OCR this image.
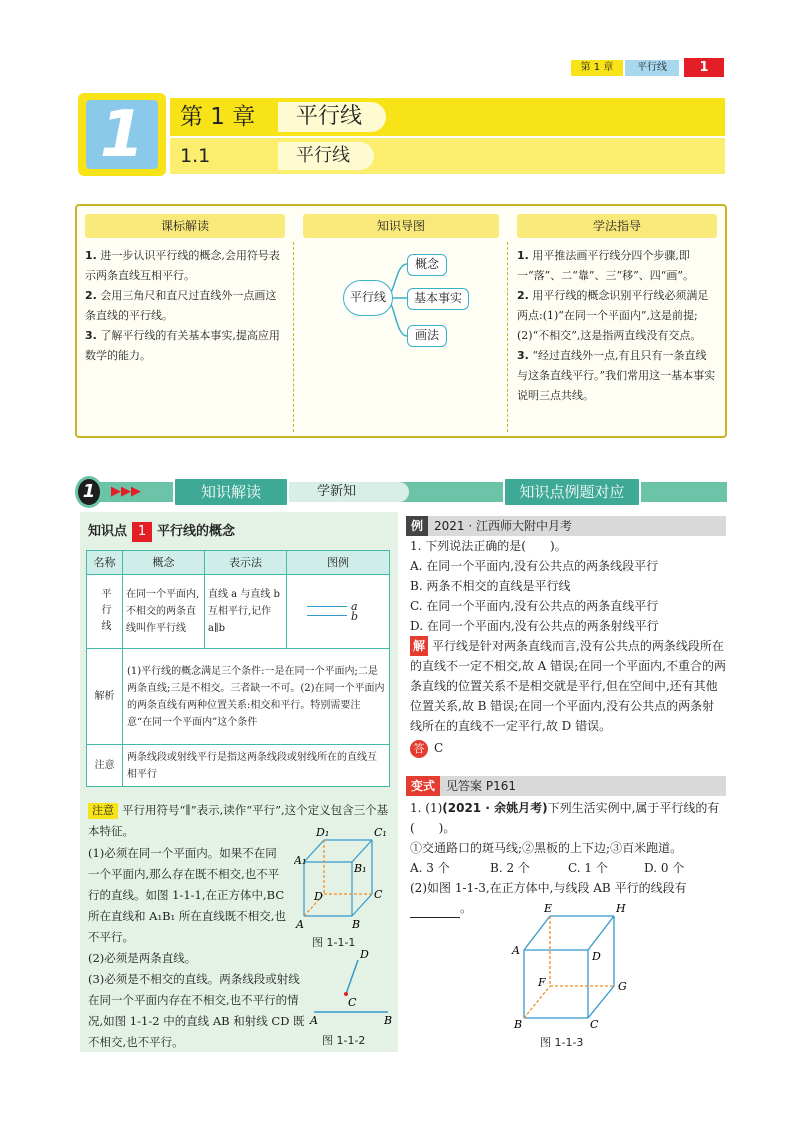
第 1 章	平行线	1
1	第 1 章	平行线
1.1	平行线
课标解读
1. 进一步认识平行线的概念,会用符号表示两条直线互相平行。
2. 会用三角尺和直尺过直线外一点画这条直线的平行线。
3. 了解平行线的有关基本事实,提高应用数学的能力。
知识导图
平行线
概念
基本事实
画法
学法指导
1. 用平推法画平行线分四个步骤,即一“落”、二“靠”、三“移”、四“画”。
2. 用平行线的概念识别平行线必须满足两点:(1)“在同一个平面内”,这是前提;(2)“不相交”,这是指两直线没有交点。
3. “经过直线外一点,有且只有一条直线与这条直线平行。”我们常用这一基本事实说明三点共线。
1	▶▶▶	知识解读	学新知	知识点例题对应
知识点 1 平行线的概念
名称	概念	表示法	图例
平行线	在同一个平面内,不相交的两条直线叫作平行线	直线 a 与直线 b 互相平行,记作 a∥b	a
b

解析	(1)平行线的概念满足三个条件:一是在同一个平面内;二是两条直线;三是不相交。三者缺一不可。(2)在同一个平面内的两条直线有两种位置关系:相交和平行。特别需要注意“在同一个平面内”这个条件		
注意	两条线段或射线平行是指这两条线段或射线所在的直线互相平行		
注意 平行用符号“∥”表示,读作“平行”,这个定义包含三个基本特征。
(1)必须在同一个平面内。如果不在同一个平面内,那么存在既不相交,也不平行的直线。如图 1-1-1,在正方体中,BC 所在直线和 A₁B₁ 所在直线既不相交,也不平行。
(2)必须是两条直线。
(3)必须是不相交的直线。两条线段或射线在同一个平面内存在不相交,也不平行的情况,如图 1-1-2 中的直线 AB 和射线 CD 既不相交,也不平行。
D₁	C₁
A₁
B₁
D	C
A	B
图 1-1-1
D
C
A	B
图 1-1-2
例 2021 · 江西师大附中月考
1. 下列说法正确的是(　　)。
A. 在同一个平面内,没有公共点的两条线段平行
B. 两条不相交的直线是平行线
C. 在同一个平面内,没有公共点的两条直线平行
D. 在同一个平面内,没有公共点的两条射线平行
解 平行线是针对两条直线而言,没有公共点的两条线段所在的直线不一定不相交,故 A 错误;在同一个平面内,不重合的两条直线的位置关系不是相交就是平行,但在空间中,还有其他位置关系,故 B 错误;在同一个平面内,没有公共点的两条射线所在的直线不一定平行,故 D 错误。
答 C
变式 见答案 P161
1. (1)(2021 · 余姚月考)下列生活实例中,属于平行线的有(　　)。
①交通路口的斑马线;②黑板的上下边;③百米跑道。
A. 3 个	B. 2 个	C. 1 个	D. 0 个
(2)如图 1-1-3,在正方体中,与线段 AB 平行的线段有。	E	H
A	D
F	G
B	C
图 1-1-3
